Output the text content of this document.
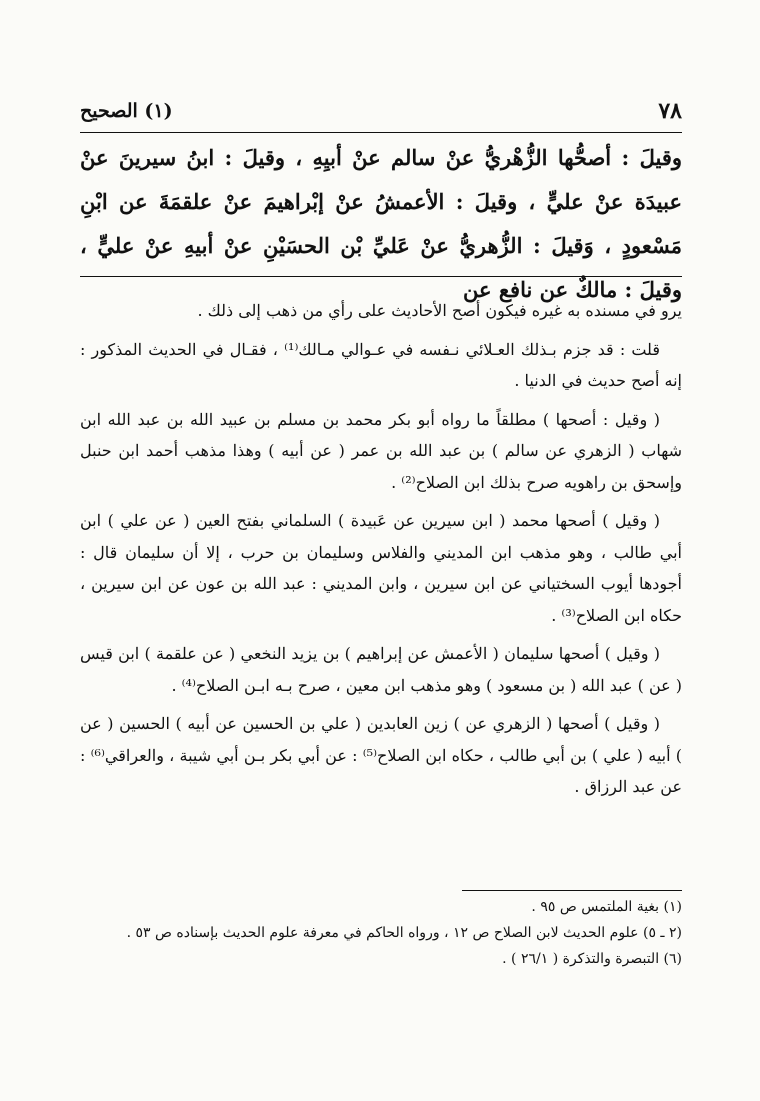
٧٨
(١) الصحيح
وقيلَ : أصحُّها الزُّهْريُّ عنْ سالم عنْ أبيِهِ ، وقيلَ : ابنُ سيرينَ عنْ عبيدَة عنْ عليٍّ ، وقيلَ : الأعمشُ عنْ إبْراهيمَ عنْ علقمَةَ عن ابْنِ مَسْعودٍ ، وَقيلَ : الزُّهريُّ عنْ عَليِّ بْن الحسَيْنِ عنْ أبيهِ عنْ عليٍّ ، وقيلَ : مالكٌ عن نافع عن

يرو في مسنده به غيره فيكون أصح الأحاديث على رأي من ذهب إلى ذلك .

قلت : قد جزم بـذلك العـلائي نـفسه في عـوالي مـالك⁽¹⁾ ، فقـال في الحديث المذكور : إنه أصح حديث في الدنيا .

( وقيل : أصحها ) مطلقاً ما رواه أبو بكر محمد بن مسلم بن عبيد الله بن عبد الله ابن شهاب ( الزهري عن سالم ) بن عبد الله بن عمر ( عن أبيه ) وهذا مذهب أحمد ابن حنبل وإسحق بن راهويه صرح بذلك ابن الصلاح⁽²⁾ .

( وقيل ) أصحها محمد ( ابن سيرين عن عَبيدة ) السلماني بفتح العين ( عن علي ) ابن أبي طالب ، وهو مذهب ابن المديني والفلاس وسليمان بن حرب ، إلا أن سليمان قال : أجودها أيوب السختياني عن ابن سيرين ، وابن المديني : عبد الله بن عون عن ابن سيرين ، حكاه ابن الصلاح⁽³⁾ .

( وقيل ) أصحها سليمان ( الأعمش عن إبراهيم ) بن يزيد النخعي ( عن علقمة ) ابن قيس ( عن ) عبد الله ( بن مسعود ) وهو مذهب ابن معين ، صرح بـه ابـن الصلاح⁽⁴⁾ .

( وقيل ) أصحها ( الزهري عن ) زين العابدين ( علي بن الحسين عن أبيه ) الحسين ( عن ) أبيه ( علي ) بن أبي طالب ، حكاه ابن الصلاح⁽⁵⁾ : عن أبي بكر بـن أبي شيبة ، والعراقي⁽⁶⁾ : عن عبد الرزاق .

(١) بغية الملتمس ص ٩٥ .
(٢ ـ ٥) علوم الحديث لابن الصلاح ص ١٢ ، ورواه الحاكم في معرفة علوم الحديث بإسناده ص ٥٣ .
(٦) التبصرة والتذكرة ( ٢٦/١ ) .
